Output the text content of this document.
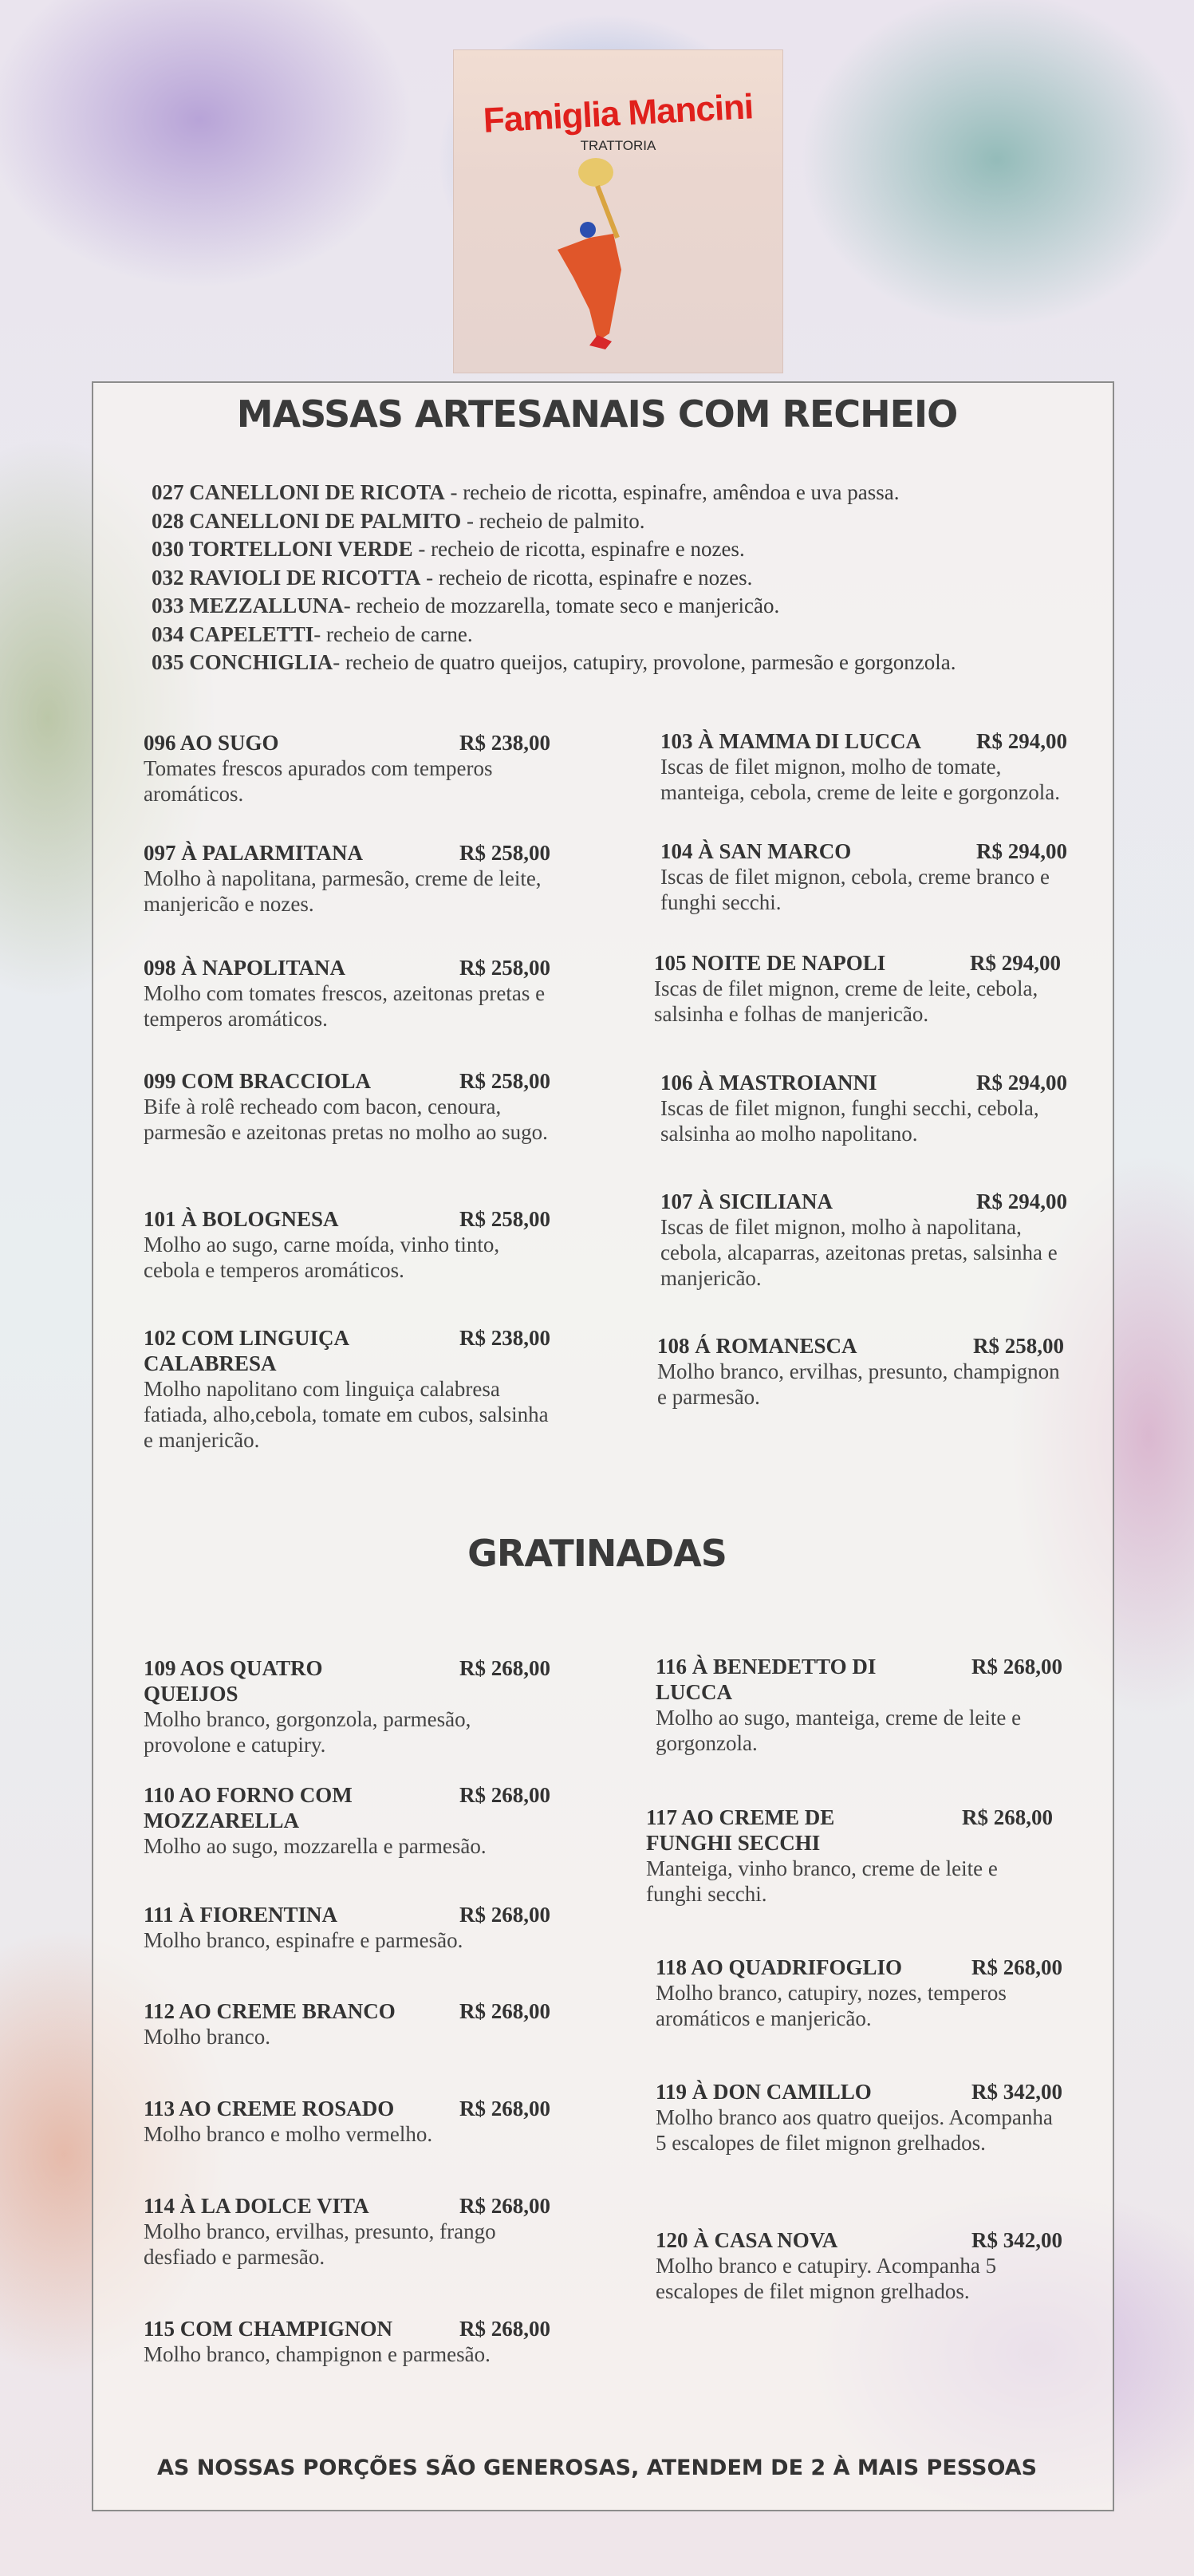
Famiglia Mancini
TRATTORIA
MASSAS ARTESANAIS COM RECHEIO
027 CANELLONI DE RICOTA - recheio de ricotta, espinafre, amêndoa e uva passa.
028 CANELLONI DE PALMITO - recheio de palmito.
030 TORTELLONI VERDE - recheio de ricotta, espinafre e nozes.
032 RAVIOLI DE RICOTTA - recheio de ricotta, espinafre e nozes.
033 MEZZALLUNA- recheio de mozzarella, tomate seco e manjericão.
034 CAPELETTI- recheio de carne.
035 CONCHIGLIA- recheio de quatro queijos, catupiry, provolone, parmesão e gorgonzola.
GRATINADAS
096 AO SUGO	R$ 238,00
Tomates frescos apurados com temperos aromáticos.
097 À PALARMITANA	R$ 258,00
Molho à napolitana, parmesão, creme de leite, manjericão e nozes.
098 À NAPOLITANA	R$ 258,00
Molho com tomates frescos, azeitonas pretas e temperos aromáticos.
099 COM BRACCIOLA	R$ 258,00
Bife à rolê recheado com bacon, cenoura, parmesão e azeitonas pretas no molho ao sugo.
101 À BOLOGNESA	R$ 258,00
Molho ao sugo, carne moída, vinho tinto, cebola e temperos aromáticos.
102 COM LINGUIÇA CALABRESA
R$ 238,00
Molho napolitano com linguiça calabresa fatiada, alho,cebola, tomate em cubos, salsinha e manjericão.
103 À MAMMA DI LUCCA	R$ 294,00
Iscas de filet mignon, molho de tomate, manteiga, cebola, creme de leite e gorgonzola.
104 À SAN MARCO	R$ 294,00
Iscas de filet mignon, cebola, creme branco e funghi secchi.
105 NOITE DE NAPOLI	R$ 294,00
Iscas de filet mignon, creme de leite, cebola, salsinha e folhas de manjericão.
106 À MASTROIANNI	R$ 294,00
Iscas de filet mignon, funghi secchi, cebola, salsinha ao molho napolitano.
107 À SICILIANA	R$ 294,00
Iscas de filet mignon, molho à napolitana, cebola, alcaparras, azeitonas pretas, salsinha e manjericão.
108 Á ROMANESCA	R$ 258,00
Molho branco, ervilhas, presunto, champignon e parmesão.
109 AOS QUATRO QUEIJOS
R$ 268,00
Molho branco, gorgonzola, parmesão, provolone e catupiry.
110 AO FORNO COM MOZZARELLA
R$ 268,00
Molho ao sugo, mozzarella e parmesão.
111 À FIORENTINA	R$ 268,00
Molho branco, espinafre e parmesão.
112 AO CREME BRANCO	R$ 268,00
Molho branco.
113 AO CREME ROSADO	R$ 268,00
Molho branco e molho vermelho.
114 À LA DOLCE VITA	R$ 268,00
Molho branco, ervilhas, presunto, frango desfiado e parmesão.
115 COM CHAMPIGNON	R$ 268,00
Molho branco, champignon e parmesão.
116 À BENEDETTO DI LUCCA
R$ 268,00
Molho ao sugo, manteiga, creme de leite e gorgonzola.
117 AO CREME DE FUNGHI SECCHI
R$ 268,00
Manteiga, vinho branco, creme de leite e funghi secchi.
118 AO QUADRIFOGLIO	R$ 268,00
Molho branco, catupiry, nozes, temperos aromáticos e manjericão.
119 À DON CAMILLO	R$ 342,00
Molho branco aos quatro queijos. Acompanha 5 escalopes de filet mignon grelhados.
120 À CASA NOVA	R$ 342,00
Molho branco e catupiry. Acompanha 5 escalopes de filet mignon grelhados.
AS NOSSAS PORÇÕES SÃO GENEROSAS, ATENDEM DE 2 À MAIS PESSOAS
